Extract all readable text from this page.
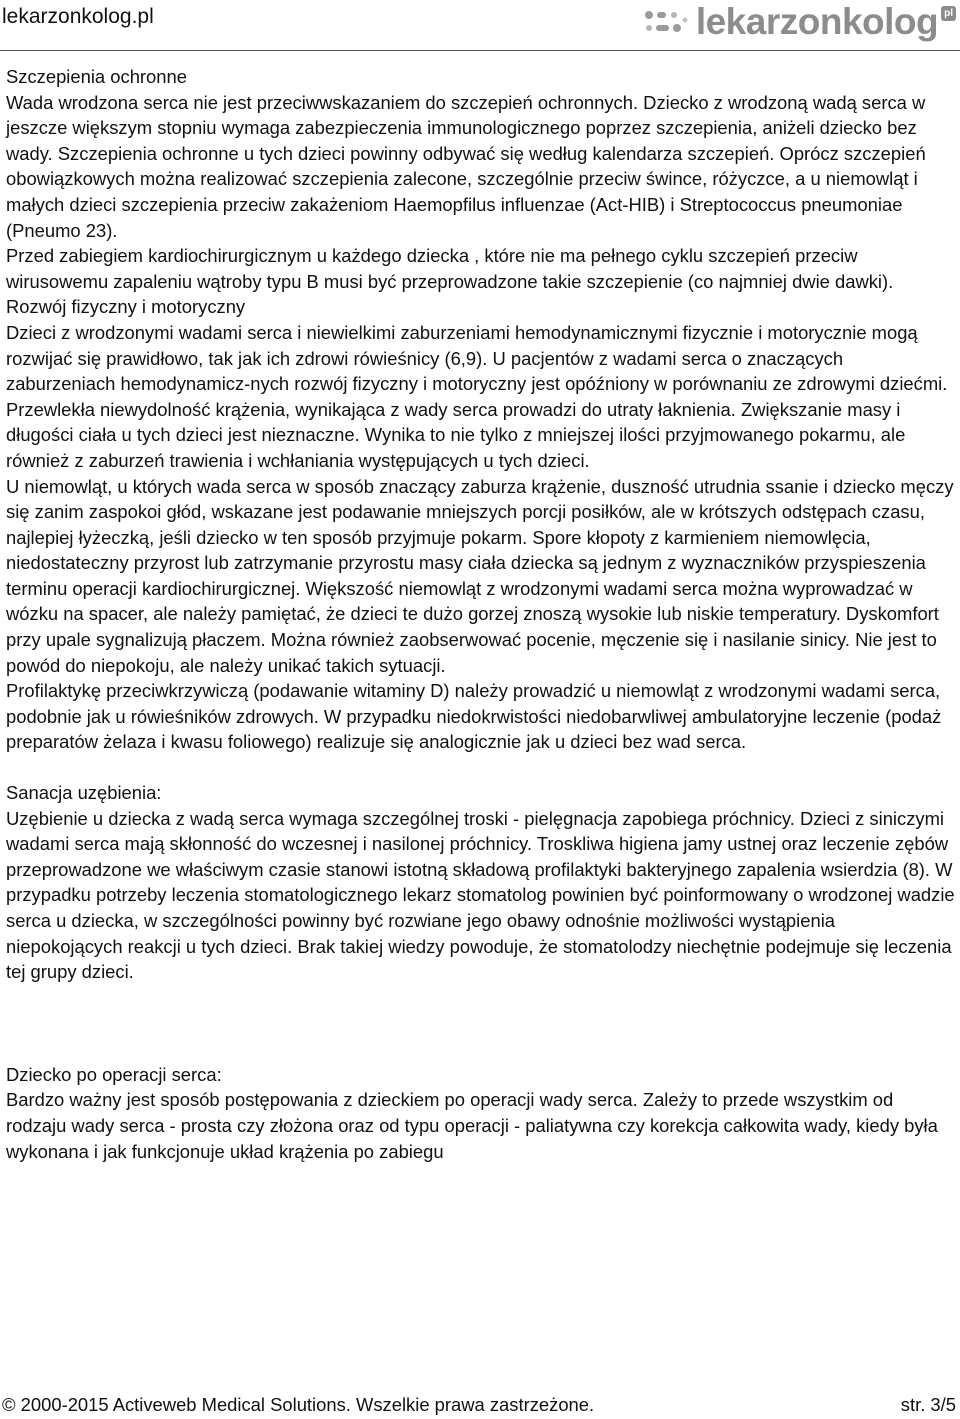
lekarzonkolog.pl	lekarzonkolog pl

Szczepienia ochronne

Wada wrodzona serca nie jest przeciwwskazaniem do szczepień ochronnych. Dziecko z wrodzoną wadą serca w jeszcze większym stopniu wymaga zabezpieczenia immunologicznego poprzez szczepienia, aniżeli dziecko bez wady. Szczepienia ochronne u tych dzieci powinny odbywać się według kalendarza szczepień. Oprócz szczepień obowiązkowych można realizować szczepienia zalecone, szczególnie przeciw śwince, różyczce, a u niemowląt i małych dzieci szczepienia przeciw zakażeniom Haemopfilus influenzae (Act-HIB) i Streptococcus pneumoniae (Pneumo 23).

Przed zabiegiem kardiochirurgicznym u każdego dziecka , które nie ma pełnego cyklu szczepień przeciw wirusowemu zapaleniu wątroby typu B musi być przeprowadzone takie szczepienie (co najmniej dwie dawki).

Rozwój fizyczny i motoryczny

Dzieci z wrodzonymi wadami serca i niewielkimi zaburzeniami hemodynamicznymi fizycznie i motorycznie mogą rozwijać się prawidłowo, tak jak ich zdrowi rówieśnicy (6,9). U pacjentów z wadami serca o znaczących zaburzeniach hemodynamicz-nych rozwój fizyczny i motoryczny jest opóźniony w porównaniu ze zdrowymi dziećmi. Przewlekła niewydolność krążenia, wynikająca z wady serca prowadzi do utraty łaknienia. Zwiększanie masy i długości ciała u tych dzieci jest nieznaczne. Wynika to nie tylko z mniejszej ilości przyjmowanego pokarmu, ale również z zaburzeń trawienia i wchłaniania występujących u tych dzieci.

U niemowląt, u których wada serca w sposób znaczący zaburza krążenie, duszność utrudnia ssanie i dziecko męczy się zanim zaspokoi głód, wskazane jest podawanie mniejszych porcji posiłków, ale w krótszych odstępach czasu, najlepiej łyżeczką, jeśli dziecko w ten sposób przyjmuje pokarm. Spore kłopoty z karmieniem niemowlęcia, niedostateczny przyrost lub zatrzymanie przyrostu masy ciała dziecka są jednym z wyznaczników przyspieszenia terminu operacji kardiochirurgicznej. Większość niemowląt z wrodzonymi wadami serca można wyprowadzać w wózku na spacer, ale należy pamiętać, że dzieci te dużo gorzej znoszą wysokie lub niskie temperatury. Dyskomfort przy upale sygnalizują płaczem. Można również zaobserwować pocenie, męczenie się i nasilanie sinicy. Nie jest to powód do niepokoju, ale należy unikać takich sytuacji.

Profilaktykę przeciwkrzywiczą (podawanie witaminy D) należy prowadzić u niemowląt z wrodzonymi wadami serca, podobnie jak u rówieśników zdrowych. W przypadku niedokrwistości niedobarwliwej ambulatoryjne leczenie (podaż preparatów żelaza i kwasu foliowego) realizuje się analogicznie jak u dzieci bez wad serca.

Sanacja uzębienia:

Uzębienie u dziecka z wadą serca wymaga szczególnej troski - pielęgnacja zapobiega próchnicy. Dzieci z siniczymi wadami serca mają skłonność do wczesnej i nasilonej próchnicy. Troskliwa higiena jamy ustnej oraz leczenie zębów przeprowadzone we właściwym czasie stanowi istotną składową profilaktyki bakteryjnego zapalenia wsierdzia (8). W przypadku potrzeby leczenia stomatologicznego lekarz stomatolog powinien być poinformowany o wrodzonej wadzie serca u dziecka, w szczególności powinny być rozwiane jego obawy odnośnie możliwości wystąpienia niepokojących reakcji u tych dzieci. Brak takiej wiedzy powoduje, że stomatolodzy niechętnie podejmuje się leczenia tej grupy dzieci.

Dziecko po operacji serca:

Bardzo ważny jest sposób postępowania z dzieckiem po operacji wady serca. Zależy to przede wszystkim od rodzaju wady serca - prosta czy złożona oraz od typu operacji - paliatywna czy korekcja całkowita wady, kiedy była wykonana i jak funkcjonuje układ krążenia po zabiegu

© 2000-2015 Activeweb Medical Solutions. Wszelkie prawa zastrzeżone.	str. 3/5
